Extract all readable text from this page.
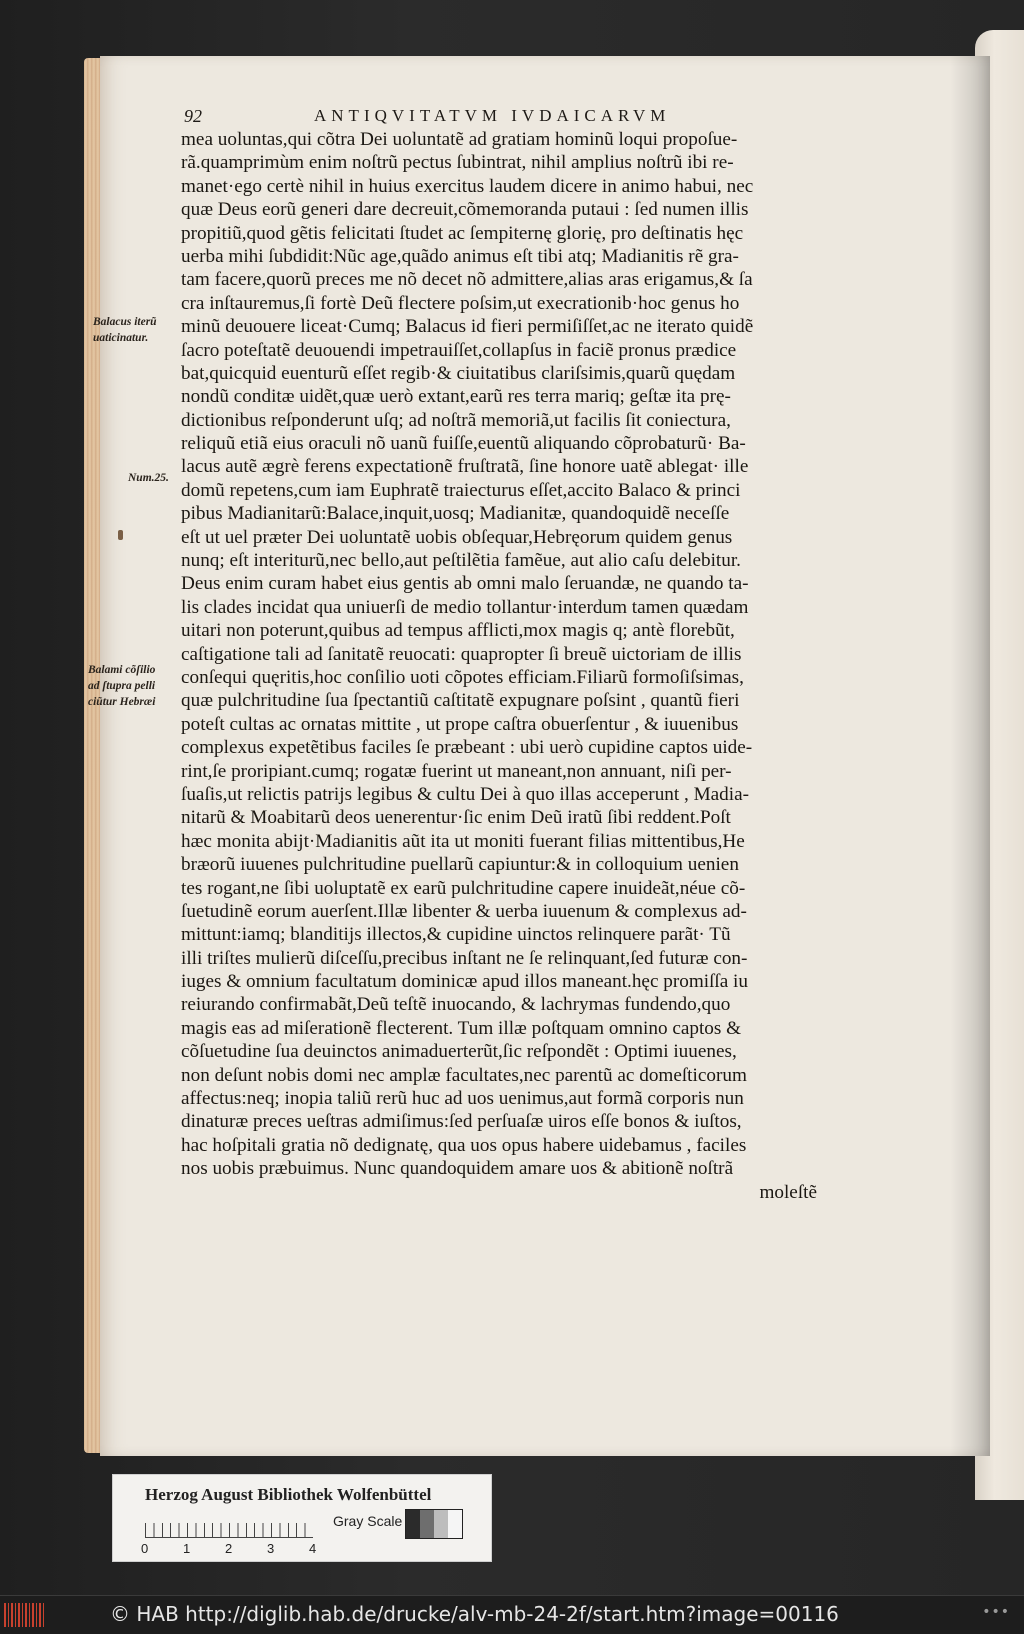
92	ANTIQVITATVM IVDAICARVM
Balacus iterũ
uaticinatur.
Num.25.
Balami cõſilio
ad ſtupra pelli
ciũtur Hebræi
mea uoluntas,qui cõtra Dei uoluntatẽ ad gratiam hominũ loqui propoſue-
rã.quamprimùm enim noſtrũ pectus ſubintrat, nihil amplius noſtrũ ibi re-
manet·ego certè nihil in huius exercitus laudem dicere in animo habui, nec
quæ Deus eorũ generi dare decreuit,cõmemoranda putaui : ſed numen illis
propitiũ,quod gẽtis felicitati ſtudet ac ſempiternę glorię, pro deſtinatis hęc
uerba mihi ſubdidit:Nũc age,quãdo animus eſt tibi atq; Madianitis rẽ gra-
tam facere,quorũ preces me nõ decet nõ admittere,alias aras erigamus,& ſa
cra inſtauremus,ſi fortè Deũ flectere poſsim,ut execrationib·hoc genus ho
minũ deuouere liceat·Cumq; Balacus id fieri permiſiſſet,ac ne iterato quidẽ
ſacro poteſtatẽ deuouendi impetrauiſſet,collapſus in faciẽ pronus prædice
bat,quicquid euenturũ eſſet regib·& ciuitatibus clariſsimis,quarũ quędam
nondũ conditæ uidẽt,quæ uerò extant,earũ res terra mariq; geſtæ ita prę-
dictionibus reſponderunt uſq; ad noſtrã memoriã,ut facilis ſit coniectura,
reliquũ etiã eius oraculi nõ uanũ fuiſſe,euentũ aliquando cõprobaturũ· Ba-
lacus autẽ ægrè ferens expectationẽ fruſtratã, ſine honore uatẽ ablegat· ille
domũ repetens,cum iam Euphratẽ traiecturus eſſet,accito Balaco & princi
pibus Madianitarũ:Balace,inquit,uosq; Madianitæ, quandoquidẽ neceſſe
eſt ut uel præter Dei uoluntatẽ uobis obſequar,Hebręorum quidem genus
nunq; eſt interiturũ,nec bello,aut peſtilẽtia famẽue, aut alio caſu delebitur.
Deus enim curam habet eius gentis ab omni malo ſeruandæ, ne quando ta-
lis clades incidat qua uniuerſi de medio tollantur·interdum tamen quædam
uitari non poterunt,quibus ad tempus afflicti,mox magis q; antè florebũt,
caſtigatione tali ad ſanitatẽ reuocati: quapropter ſi breuẽ uictoriam de illis
conſequi quęritis,hoc conſilio uoti cõpotes efficiam.Filiarũ formoſiſsimas,
quæ pulchritudine ſua ſpectantiũ caſtitatẽ expugnare poſsint , quantũ fieri
poteſt cultas ac ornatas mittite , ut prope caſtra obuerſentur , & iuuenibus
complexus expetẽtibus faciles ſe præbeant : ubi uerò cupidine captos uide-
rint,ſe proripiant.cumq; rogatæ fuerint ut maneant,non annuant, niſi per-
ſuaſis,ut relictis patrijs legibus & cultu Dei à quo illas acceperunt , Madia-
nitarũ & Moabitarũ deos uenerentur·ſic enim Deũ iratũ ſibi reddent.Poſt
hæc monita abijt·Madianitis aũt ita ut moniti fuerant filias mittentibus,He
bræorũ iuuenes pulchritudine puellarũ capiuntur:& in colloquium uenien
tes rogant,ne ſibi uoluptatẽ ex earũ pulchritudine capere inuideãt,néue cõ-
ſuetudinẽ eorum auerſent.Illæ libenter & uerba iuuenum & complexus ad-
mittunt:iamq; blanditijs illectos,& cupidine uinctos relinquere parãt· Tũ
illi triſtes mulierũ diſceſſu,precibus inſtant ne ſe relinquant,ſed futuræ con-
iuges & omnium facultatum dominicæ apud illos maneant.hęc promiſſa iu
reiurando confirmabãt,Deũ teſtẽ inuocando, & lachrymas fundendo,quo
magis eas ad miſerationẽ flecterent. Tum illæ poſtquam omnino captos &
cõſuetudine ſua deuinctos animaduerterũt,ſic reſpondẽt : Optimi iuuenes,
non deſunt nobis domi nec amplæ facultates,nec parentũ ac domeſticorum
affectus:neq; inopia taliũ rerũ huc ad uos uenimus,aut formã corporis nun
dinaturæ preces ueſtras admiſimus:ſed perſuaſæ uiros eſſe bonos & iuſtos,
hac hoſpitali gratia nõ dedignatę, qua uos opus habere uidebamus , faciles
nos uobis præbuimus. Nunc quandoquidem amare uos & abitionẽ noſtrã
moleſtẽ
Herzog August Bibliothek Wolfenbüttel
0	1	2	3	4
Gray Scale
© HAB http://diglib.hab.de/drucke/alv-mb-24-2f/start.htm?image=00116	•••
